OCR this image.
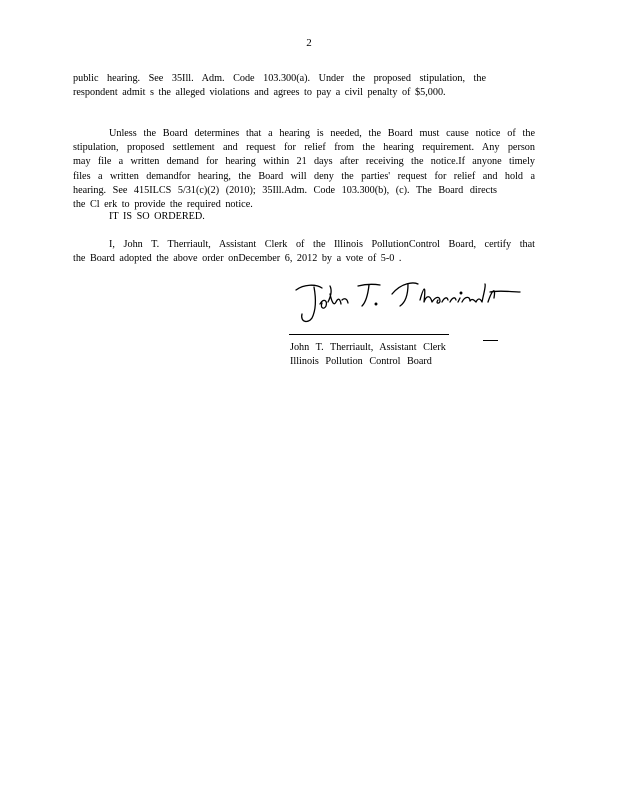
2
public hearing. See 35Ill. Adm. Code 103.300(a). Under the proposed stipulation, the
respondent admit s the alleged violations and agrees to pay a civil penalty of $5,000.
Unless the Board determines that a hearing is needed, the Board must cause notice of the
stipulation, proposed settlement and request for relief from the hearing requirement. Any person
may file a written demand for hearing within 21 days after receiving the notice.If anyone timely
files a written demandfor hearing, the Board will deny the parties' request for relief and hold a
hearing. See 415ILCS 5/31(c)(2) (2010); 35Ill.Adm. Code 103.300(b), (c). The Board directs
the Cl erk to provide the required notice.
IT IS SO ORDERED.
I, John T. Therriault, Assistant Clerk of the Illinois PollutionControl Board, certify that
the Board adopted the above order onDecember 6, 2012 by a vote of 5-0 .
John T. Therriault, Assistant Clerk
Illinois Pollution Control Board
